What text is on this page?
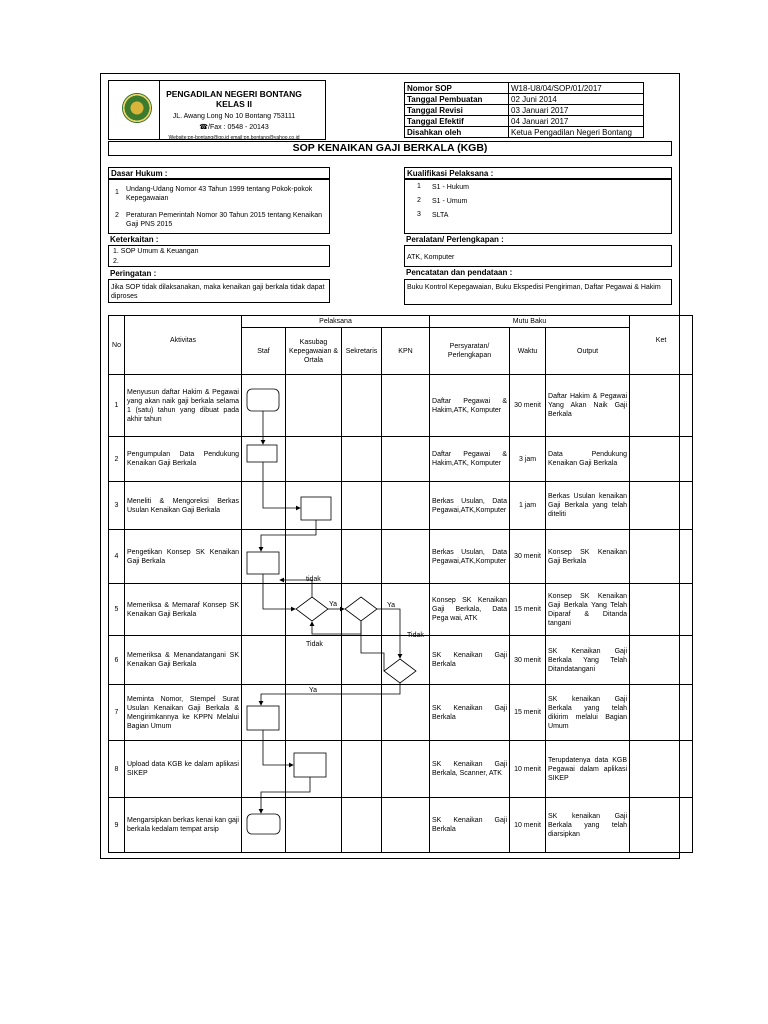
PENGADILAN NEGERI BONTANG
KELAS II
JL. Awang Long No 10 Bontang 753111
☎/Fax : 0548 - 20143
Website:pn-bontang@go.id email:pn.bontang@yahoo.co.id
Nomor SOP	W18-U8/04/SOP/01/2017
Tanggal Pembuatan	02 Juni 2014
Tanggal Revisi	03 Januari 2017
Tanggal Efektif	04 Januari 2017
Disahkan oleh	Ketua Pengadilan Negeri Bontang
SOP KENAIKAN GAJI BERKALA (KGB)
Dasar Hukum :
1 Undang-Udang Nomor 43 Tahun 1999 tentang Pokok-pokok Kepegawaian
2 Peraturan Pemerintah Nomor 30 Tahun 2015 tentang Kenaikan Gaji PNS 2015
Keterkaitan :
1. SOP Umum & Keuangan
2.
Peringatan :
Jika SOP tidak dilaksanakan, maka kenaikan gaji berkala tidak dapat diproses
Kualifikasi Pelaksana :
1 S1 - Hukum
2 S1 - Umum
3 SLTA
Peralatan/ Perlengkapan :
ATK, Komputer
Pencatatan dan pendataan :
Buku Kontrol Kepegawaian, Buku Ekspedisi Pengiriman, Daftar Pegawai & Hakim
No	Aktivitas	Pelaksana				Mutu Baku			Ket
		Staf	Kasubag Kepegawaian & Ortala	Sekretaris	KPN	Persyaratan/ Perlengkapan	Waktu	Output	
1	Menyusun daftar Hakim & Pegawai yang akan naik gaji berkala selama 1 (satu) tahun yang dibuat pada akhir tahun					Daftar Pegawai & Hakim,ATK, Komputer	30 menit	Daftar Hakim & Pegawai Yang Akan Naik Gaji Berkala	
2	Pengumpulan Data Pendukung Kenaikan Gaji Berkala					Daftar Pegawai & Hakim,ATK, Komputer	3 jam	Data Pendukung Kenaikan Gaji Berkala	
3	Meneliti & Mengoreksi Berkas Usulan Kenaikan Gaji Berkala					Berkas Usulan, Data Pegawai,ATK,Komputer	1 jam	Berkas Usulan kenaikan Gaji Berkala yang telah diteliti	
4	Pengetikan Konsep SK Kenaikan Gaji Berkala					Berkas Usulan, Data Pegawai,ATK,Komputer	30 menit	Konsep SK Kenaikan Gaji Berkala	
5	Memeriksa & Memaraf Konsep SK Kenaikan Gaji Berkala					Konsep SK Kenaikan Gaji Berkala, Data Pega wai, ATK	15 menit	Konsep SK Kenaikan Gaji Berkala Yang Telah Diparaf & Ditanda tangani	
6	Memeriksa & Menandatangani SK Kenaikan Gaji Berkala					SK Kenaikan Gaji Berkala	30 menit	SK Kenaikan Gaji Berkala Yang Telah Ditandatangani	
7	Meminta Nomor, Stempel Surat Usulan Kenaikan Gaji Berkala & Mengirimkannya ke KPPN Melalui Bagian Umum					SK Kenaikan Gaji Berkala	15 menit	SK kenaikan Gaji Berkala yang telah dikirim melalui Bagian Umum	
8	Upload data KGB ke dalam aplikasi SIKEP					SK Kenaikan Gaji Berkala, Scanner, ATK	10 menit	Terupdatenya data KGB Pegawai dalam aplikasi SIKEP	
9	Mengarsipkan berkas kenai kan gaji berkala kedalam tempat arsip					SK Kenaikan Gaji Berkala	10 menit	SK kenaikan Gaji Berkala yang telah diarsipkan	
tidak
Ya	Ya
Tidak
Tidak
Ya
